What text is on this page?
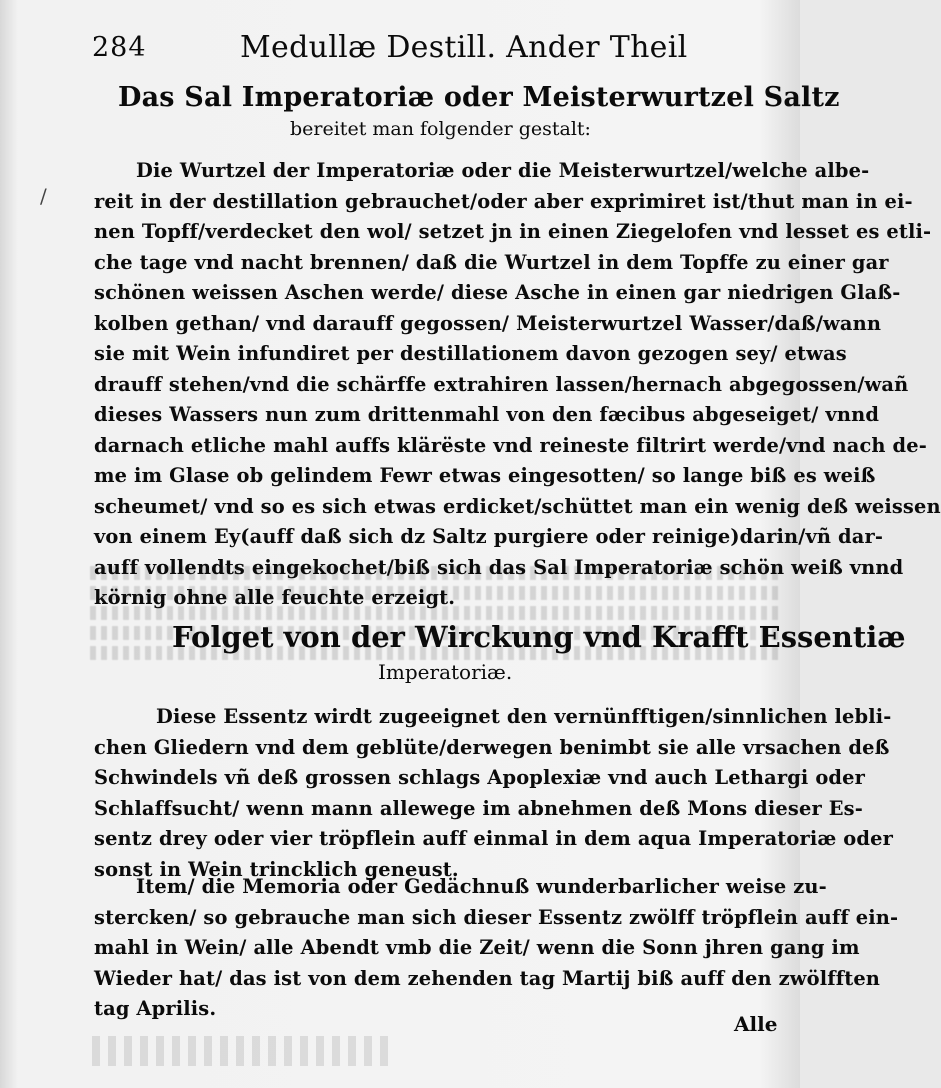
284	Medullæ Destill. Ander Theil
Das Sal Imperatoriæ oder Meisterwurtzel Saltz
bereitet man folgender gestalt:
/
Die Wurtzel der Imperatoriæ oder die Meisterwurtzel/welche albe-
reit in der destillation gebrauchet/oder aber exprimiret ist/thut man in ei-
nen Topff/verdecket den wol/ setzet jn in einen Ziegelofen vnd lesset es etli-
che tage vnd nacht brennen/ daß die Wurtzel in dem Topffe zu einer gar
schönen weissen Aschen werde/ diese Asche in einen gar niedrigen Glaß-
kolben gethan/ vnd darauff gegossen/ Meisterwurtzel Wasser/daß/wann
sie mit Wein infundiret per destillationem davon gezogen sey/ etwas
drauff stehen/vnd die schärffe extrahiren lassen/hernach abgegossen/wañ
dieses Wassers nun zum drittenmahl von den fæcibus abgeseiget/ vnnd
darnach etliche mahl auffs klärëste vnd reineste filtrirt werde/vnd nach de-
me im Glase ob gelindem Fewr etwas eingesotten/ so lange biß es weiß
scheumet/ vnd so es sich etwas erdicket/schüttet man ein wenig deß weissen
von einem Ey(auff daß sich dz Saltz purgiere oder reinige)darin/vñ dar-
auff vollendts eingekochet/biß sich das Sal Imperatoriæ schön weiß vnnd
körnig ohne alle feuchte erzeigt.
Folget von der Wirckung vnd Krafft Essentiæ
Imperatoriæ.
Diese Essentz wirdt zugeeignet den vernünfftigen/sinnlichen lebli-
chen Gliedern vnd dem geblüte/derwegen benimbt sie alle vrsachen deß
Schwindels vñ deß grossen schlags Apoplexiæ vnd auch Lethargi oder
Schlaffsucht/ wenn mann allewege im abnehmen deß Mons dieser Es-
sentz drey oder vier tröpflein auff einmal in dem aqua Imperatoriæ oder
sonst in Wein trincklich geneust.
Item/ die Memoria oder Gedächnuß wunderbarlicher weise zu-
stercken/ so gebrauche man sich dieser Essentz zwölff tröpflein auff ein-
mahl in Wein/ alle Abendt vmb die Zeit/ wenn die Sonn jhren gang im
Wieder hat/ das ist von dem zehenden tag Martij biß auff den zwölfften
tag Aprilis.
Alle
